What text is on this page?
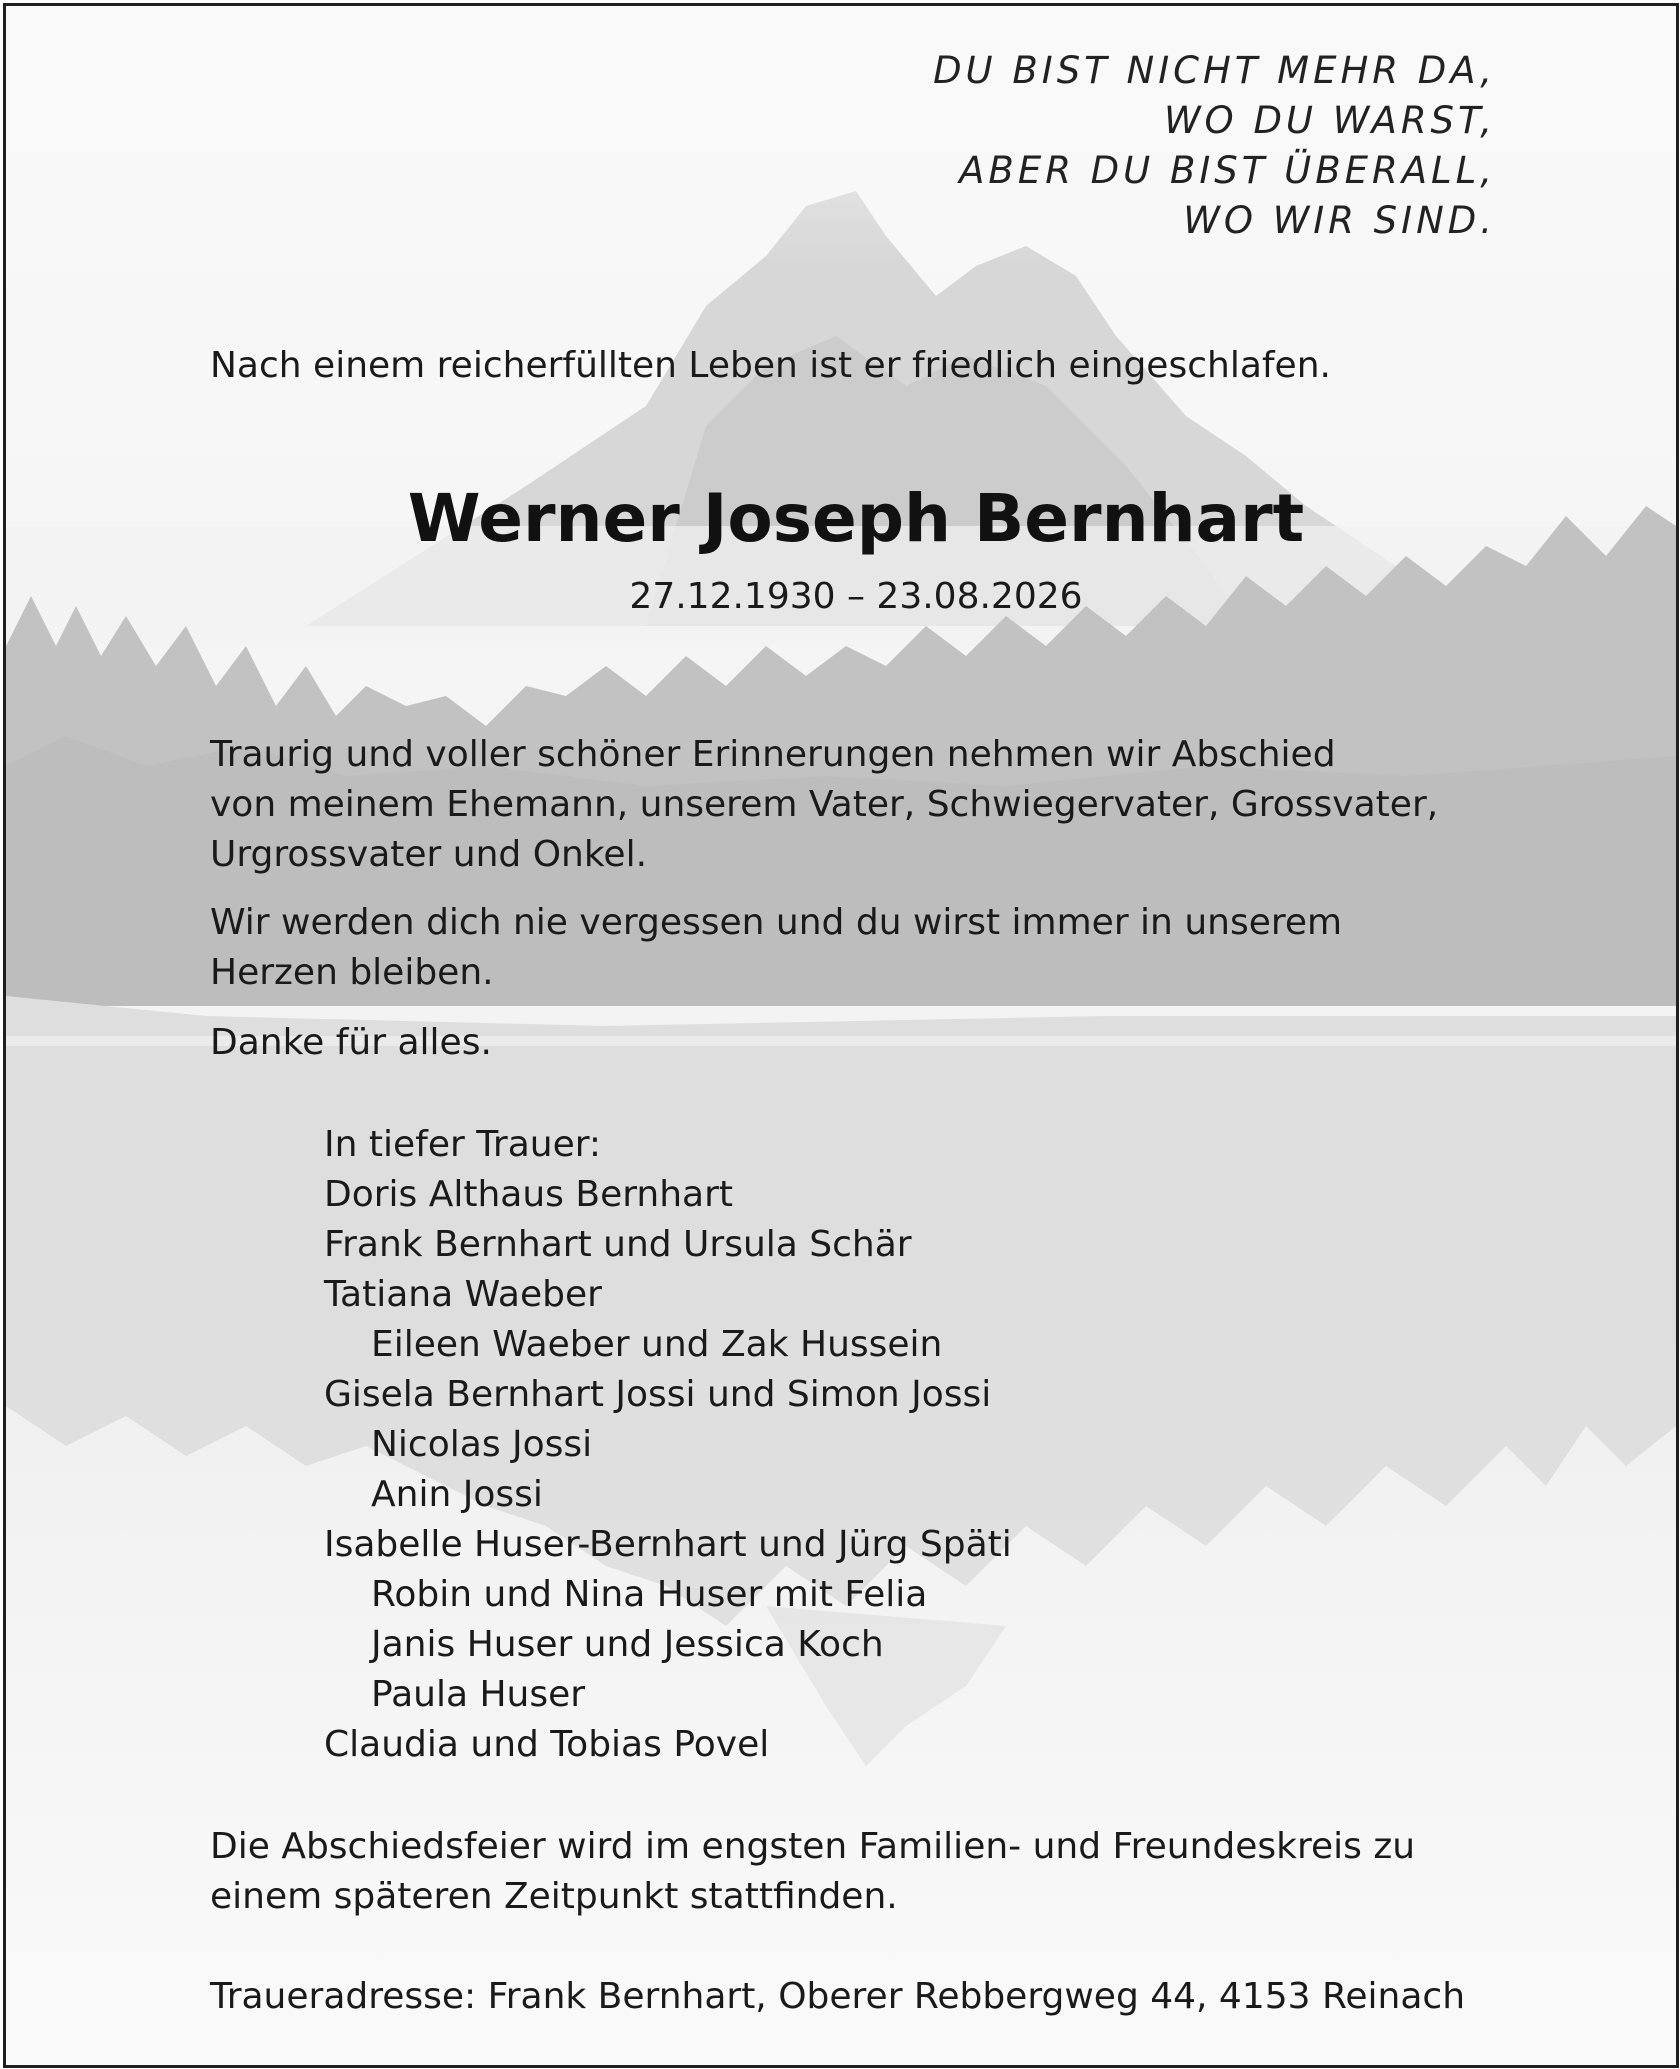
DU BIST NICHT MEHR DA,
WO DU WARST,
ABER DU BIST ÜBERALL,
WO WIR SIND.
Nach einem reicherfüllten Leben ist er friedlich eingeschlafen.
Werner Joseph Bernhart
27.12.1930 – 23.08.2026
Traurig und voller schöner Erinnerungen nehmen wir Abschied
von meinem Ehemann, unserem Vater, Schwiegervater, Grossvater,
Urgrossvater und Onkel.
Wir werden dich nie vergessen und du wirst immer in unserem
Herzen bleiben.
Danke für alles.
In tiefer Trauer:
Doris Althaus Bernhart
Frank Bernhart und Ursula Schär
Tatiana Waeber
Eileen Waeber und Zak Hussein
Gisela Bernhart Jossi und Simon Jossi
Nicolas Jossi
Anin Jossi
Isabelle Huser-Bernhart und Jürg Späti
Robin und Nina Huser mit Felia
Janis Huser und Jessica Koch
Paula Huser
Claudia und Tobias Povel
Die Abschiedsfeier wird im engsten Familien- und Freundeskreis zu
einem späteren Zeitpunkt stattfinden.
Traueradresse: Frank Bernhart, Oberer Rebbergweg 44, 4153 Reinach
